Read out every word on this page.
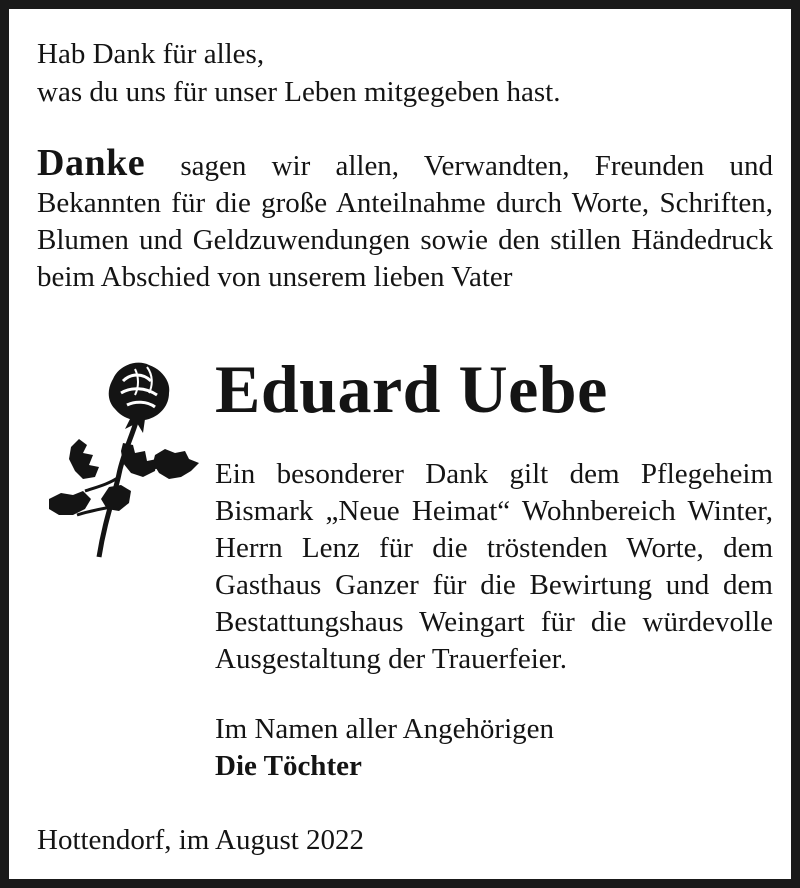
Hab Dank für alles,
was du uns für unser Leben mitgegeben hast.
Danke sagen wir allen, Verwandten, Freunden und Bekannten für die große Anteilnahme durch Worte, Schriften, Blumen und Geldzuwendungen sowie den stillen Händedruck beim Abschied von unserem lieben Vater
Eduard Uebe
Ein besonderer Dank gilt dem Pflegeheim Bismark „Neue Heimat“ Wohnbereich Winter, Herrn Lenz für die tröstenden Worte, dem Gasthaus Ganzer für die Bewirtung und dem Bestattungshaus Weingart für die würdevolle Ausgestaltung der Trauerfeier.
Im Namen aller Angehörigen
Die Töchter
Hottendorf, im August 2022
